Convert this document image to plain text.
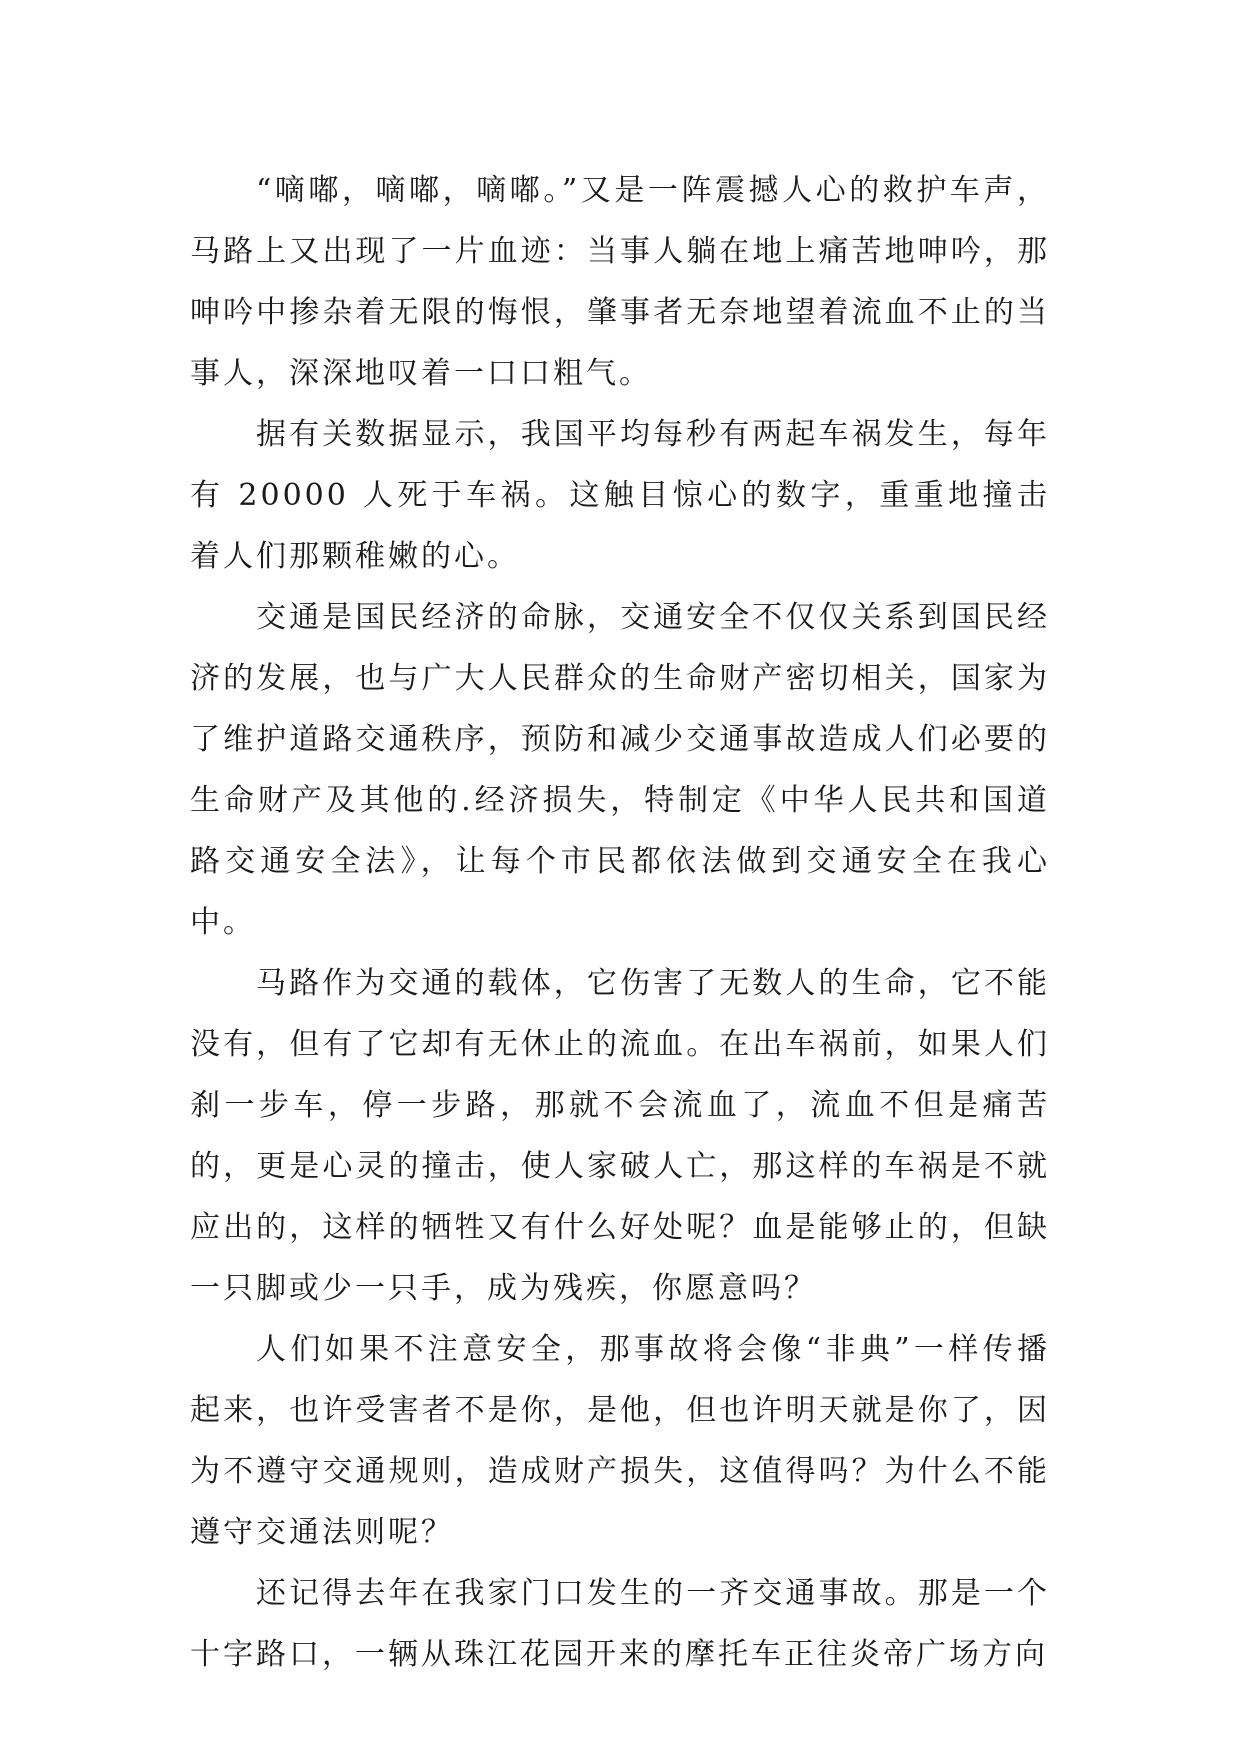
“嘀嘟，嘀嘟，嘀嘟。”又是一阵震撼人心的救护车声，马路上又出现了一片血迹：当事人躺在地上痛苦地呻吟，那呻吟中掺杂着无限的悔恨，肇事者无奈地望着流血不止的当事人，深深地叹着一口口粗气。

据有关数据显示，我国平均每秒有两起车祸发生，每年有 20000 人死于车祸。这触目惊心的数字，重重地撞击着人们那颗稚嫩的心。

交通是国民经济的命脉，交通安全不仅仅关系到国民经济的发展，也与广大人民群众的生命财产密切相关，国家为了维护道路交通秩序，预防和减少交通事故造成人们必要的生命财产及其他的.经济损失，特制定《中华人民共和国道路交通安全法》，让每个市民都依法做到交通安全在我心中。

马路作为交通的载体，它伤害了无数人的生命，它不能没有，但有了它却有无休止的流血。在出车祸前，如果人们刹一步车，停一步路，那就不会流血了，流血不但是痛苦的，更是心灵的撞击，使人家破人亡，那这样的车祸是不就应出的，这样的牺牲又有什么好处呢？血是能够止的，但缺一只脚或少一只手，成为残疾，你愿意吗？

人们如果不注意安全，那事故将会像“非典”一样传播起来，也许受害者不是你，是他，但也许明天就是你了，因为不遵守交通规则，造成财产损失，这值得吗？为什么不能遵守交通法则呢？

还记得去年在我家门口发生的一齐交通事故。那是一个十字路口，一辆从珠江花园开来的摩托车正往炎帝广场方向
